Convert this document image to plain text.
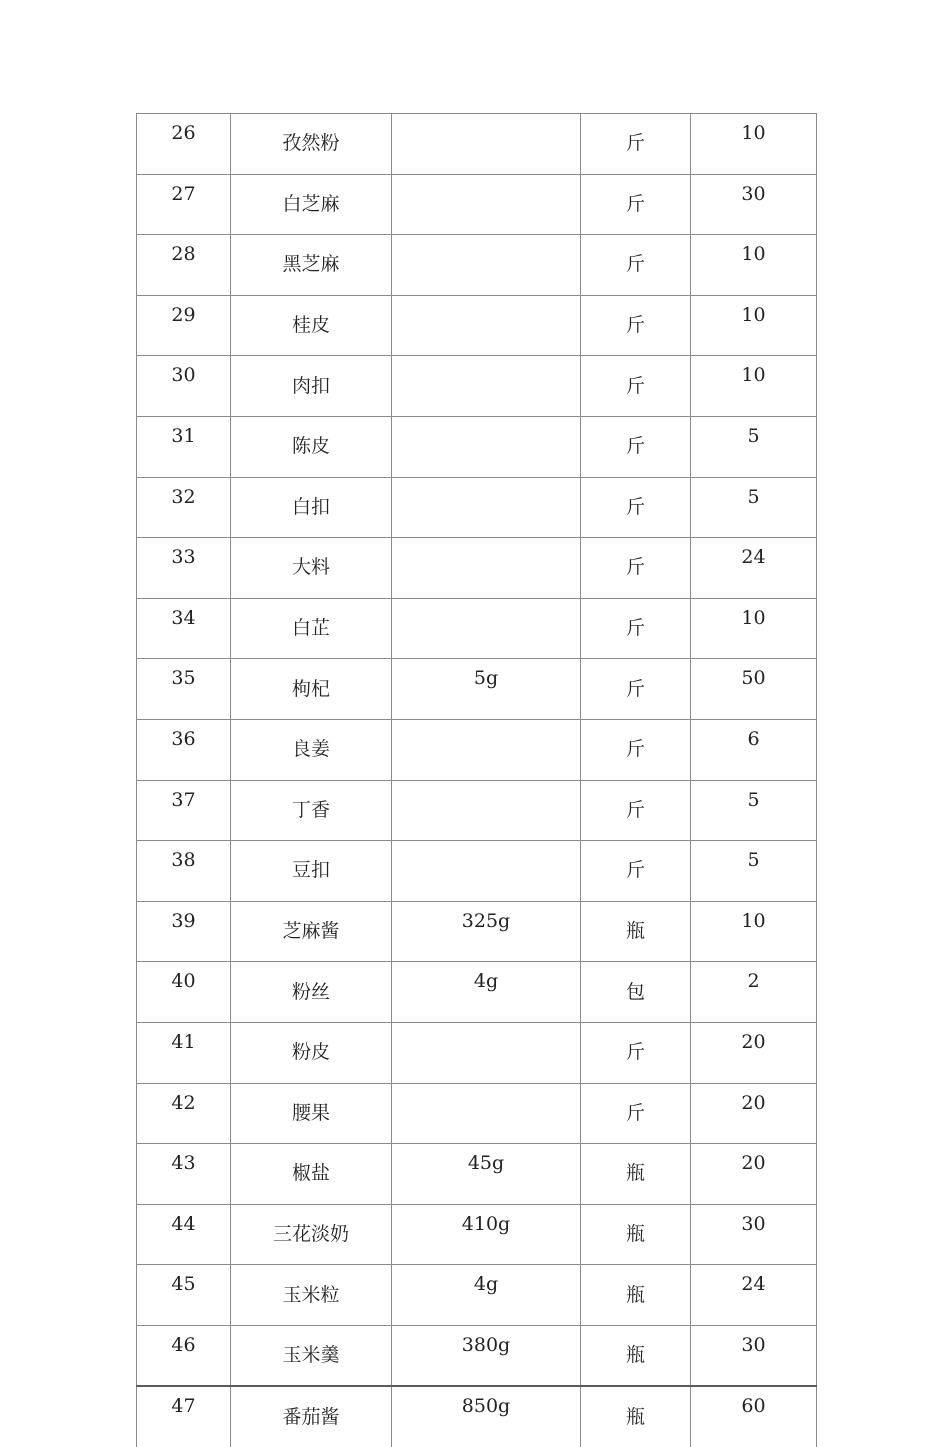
26	孜然粉		斤	10
27	白芝麻		斤	30
28	黑芝麻		斤	10
29	桂皮		斤	10
30	肉扣		斤	10
31	陈皮		斤	5
32	白扣		斤	5
33	大料		斤	24
34	白芷		斤	10
35	枸杞	5g	斤	50
36	良姜		斤	6
37	丁香		斤	5
38	豆扣		斤	5
39	芝麻酱	325g	瓶	10
40	粉丝	4g	包	2
41	粉皮		斤	20
42	腰果		斤	20
43	椒盐	45g	瓶	20
44	三花淡奶	410g	瓶	30
45	玉米粒	4g	瓶	24
46	玉米羹	380g	瓶	30
47	番茄酱	850g	瓶	60
